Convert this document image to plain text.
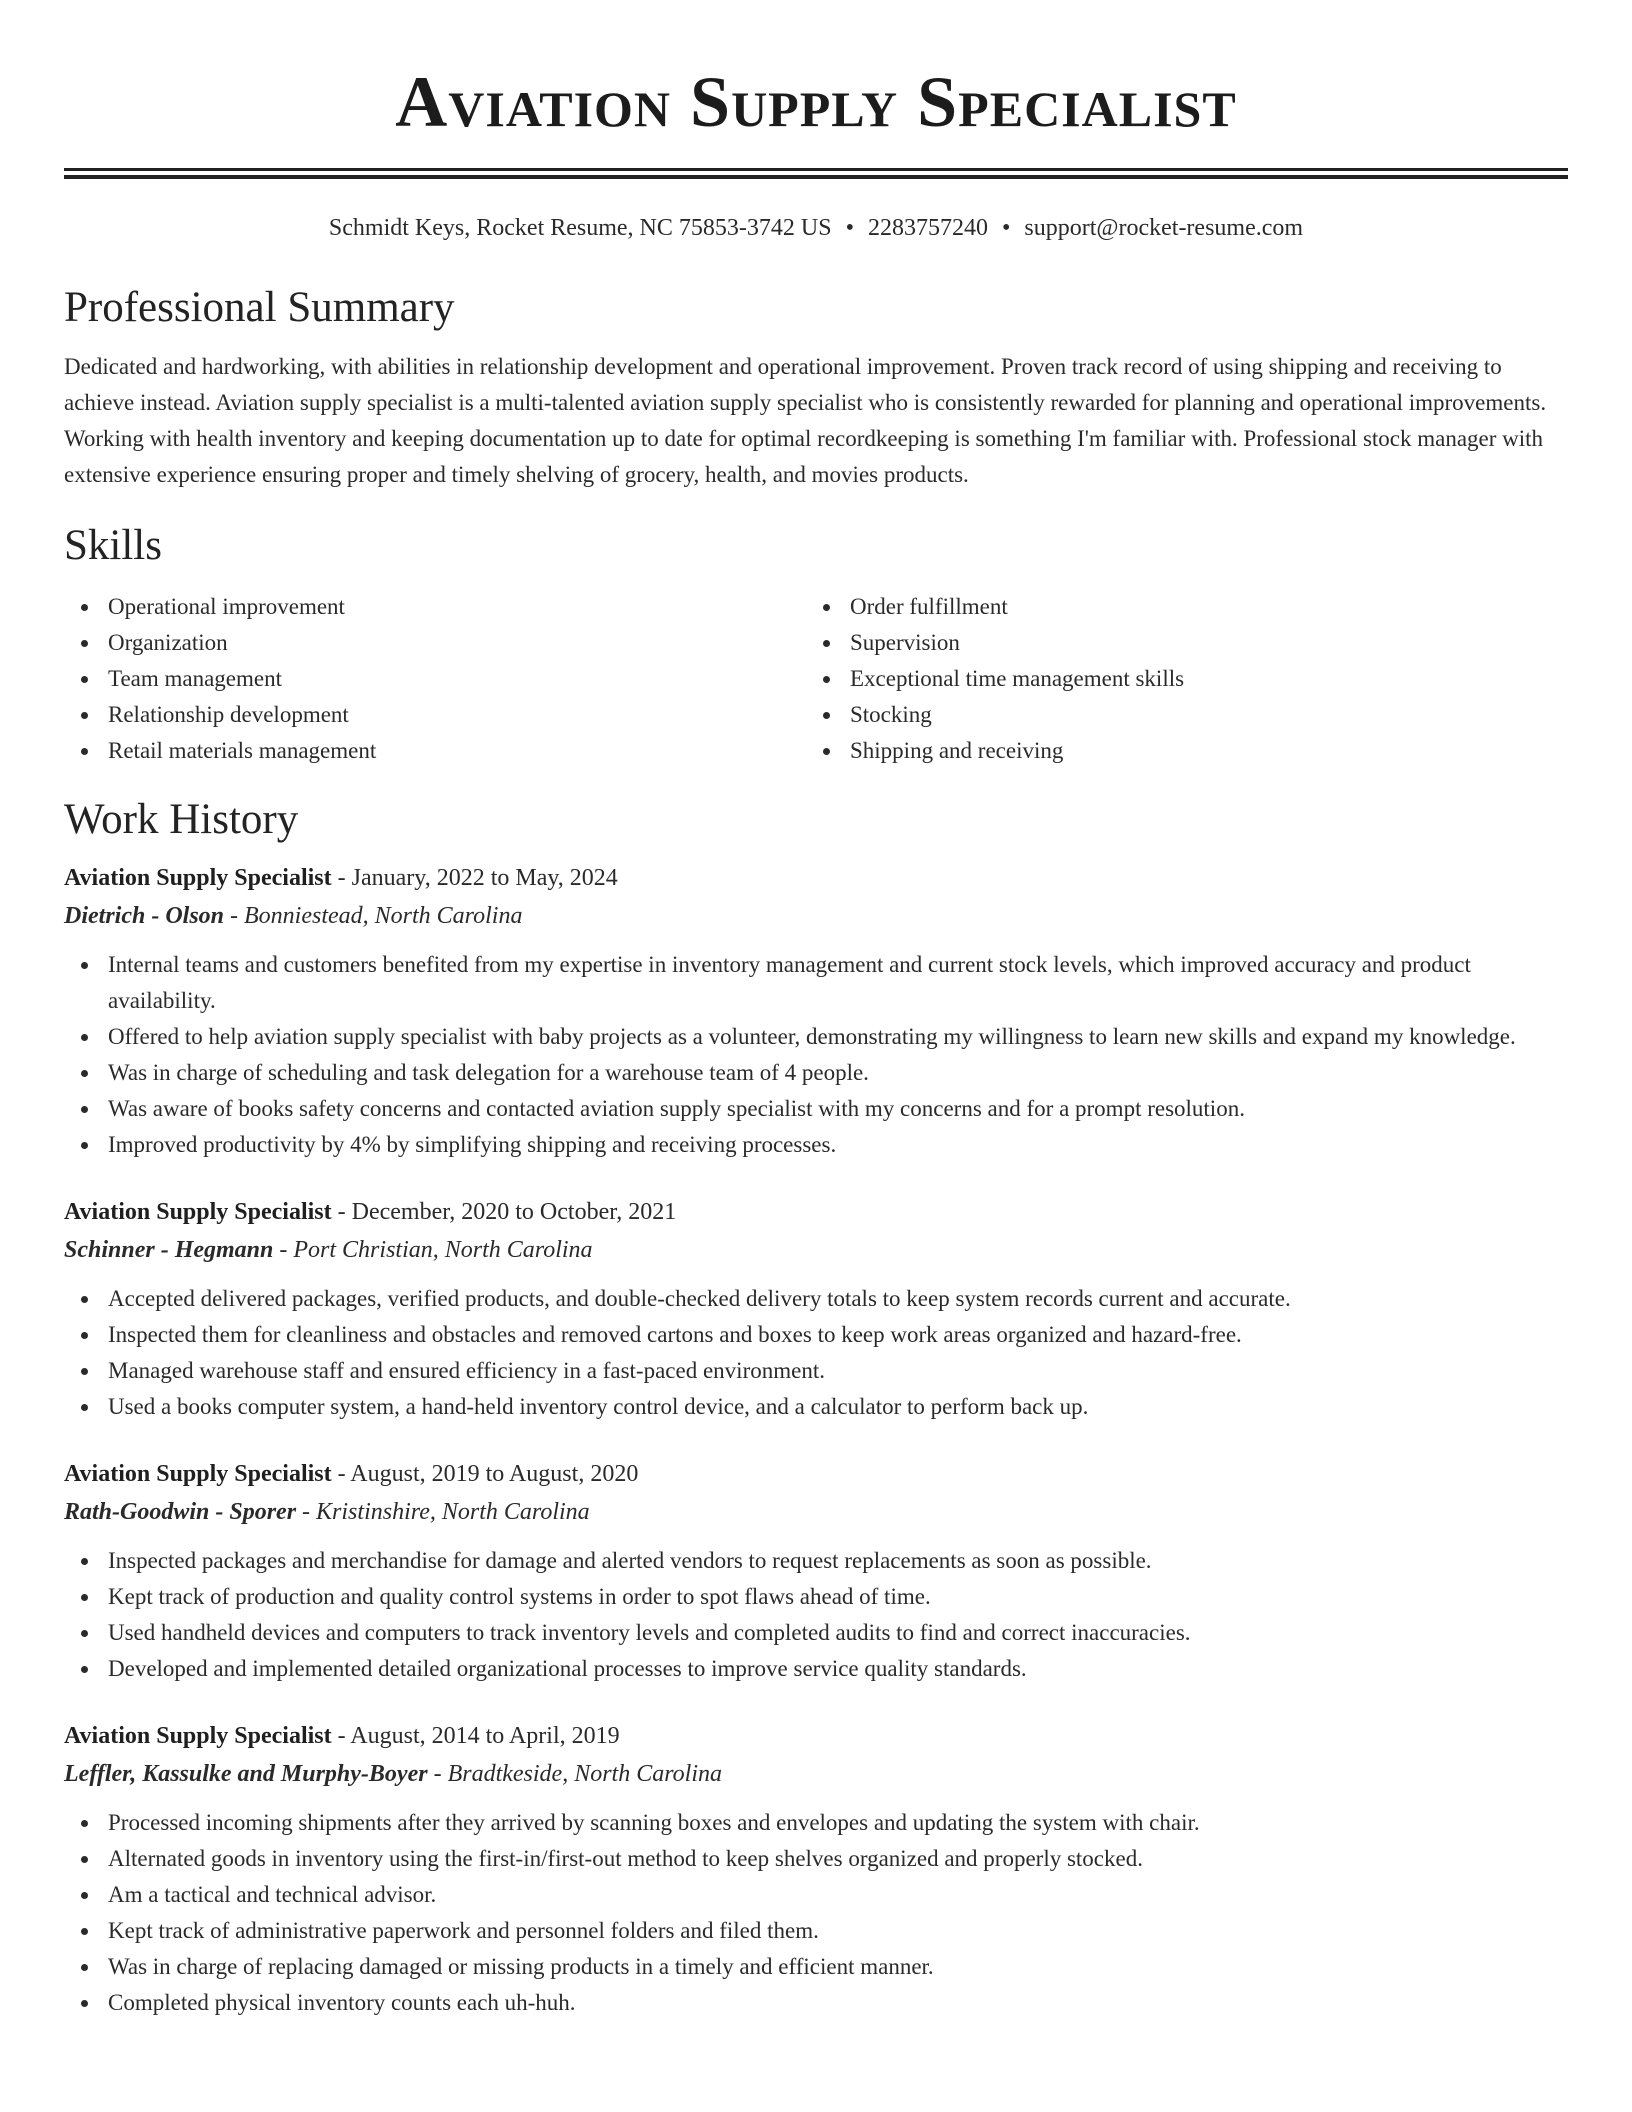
Aviation Supply Specialist
Schmidt Keys, Rocket Resume, NC 75853-3742 US • 2283757240 • support@rocket-resume.com
Professional Summary
Dedicated and hardworking, with abilities in relationship development and operational improvement. Proven track record of using shipping and receiving to achieve instead. Aviation supply specialist is a multi-talented aviation supply specialist who is consistently rewarded for planning and operational improvements. Working with health inventory and keeping documentation up to date for optimal recordkeeping is something I'm familiar with. Professional stock manager with extensive experience ensuring proper and timely shelving of grocery, health, and movies products.
Skills
Operational improvement
Organization
Team management
Relationship development
Retail materials management
Order fulfillment
Supervision
Exceptional time management skills
Stocking
Shipping and receiving
Work History
Aviation Supply Specialist - January, 2022 to May, 2024
Dietrich - Olson - Bonniestead, North Carolina
Internal teams and customers benefited from my expertise in inventory management and current stock levels, which improved accuracy and product availability.
Offered to help aviation supply specialist with baby projects as a volunteer, demonstrating my willingness to learn new skills and expand my knowledge.
Was in charge of scheduling and task delegation for a warehouse team of 4 people.
Was aware of books safety concerns and contacted aviation supply specialist with my concerns and for a prompt resolution.
Improved productivity by 4% by simplifying shipping and receiving processes.
Aviation Supply Specialist - December, 2020 to October, 2021
Schinner - Hegmann - Port Christian, North Carolina
Accepted delivered packages, verified products, and double-checked delivery totals to keep system records current and accurate.
Inspected them for cleanliness and obstacles and removed cartons and boxes to keep work areas organized and hazard-free.
Managed warehouse staff and ensured efficiency in a fast-paced environment.
Used a books computer system, a hand-held inventory control device, and a calculator to perform back up.
Aviation Supply Specialist - August, 2019 to August, 2020
Rath-Goodwin - Sporer - Kristinshire, North Carolina
Inspected packages and merchandise for damage and alerted vendors to request replacements as soon as possible.
Kept track of production and quality control systems in order to spot flaws ahead of time.
Used handheld devices and computers to track inventory levels and completed audits to find and correct inaccuracies.
Developed and implemented detailed organizational processes to improve service quality standards.
Aviation Supply Specialist - August, 2014 to April, 2019
Leffler, Kassulke and Murphy-Boyer - Bradtkeside, North Carolina
Processed incoming shipments after they arrived by scanning boxes and envelopes and updating the system with chair.
Alternated goods in inventory using the first-in/first-out method to keep shelves organized and properly stocked.
Am a tactical and technical advisor.
Kept track of administrative paperwork and personnel folders and filed them.
Was in charge of replacing damaged or missing products in a timely and efficient manner.
Completed physical inventory counts each uh-huh.
